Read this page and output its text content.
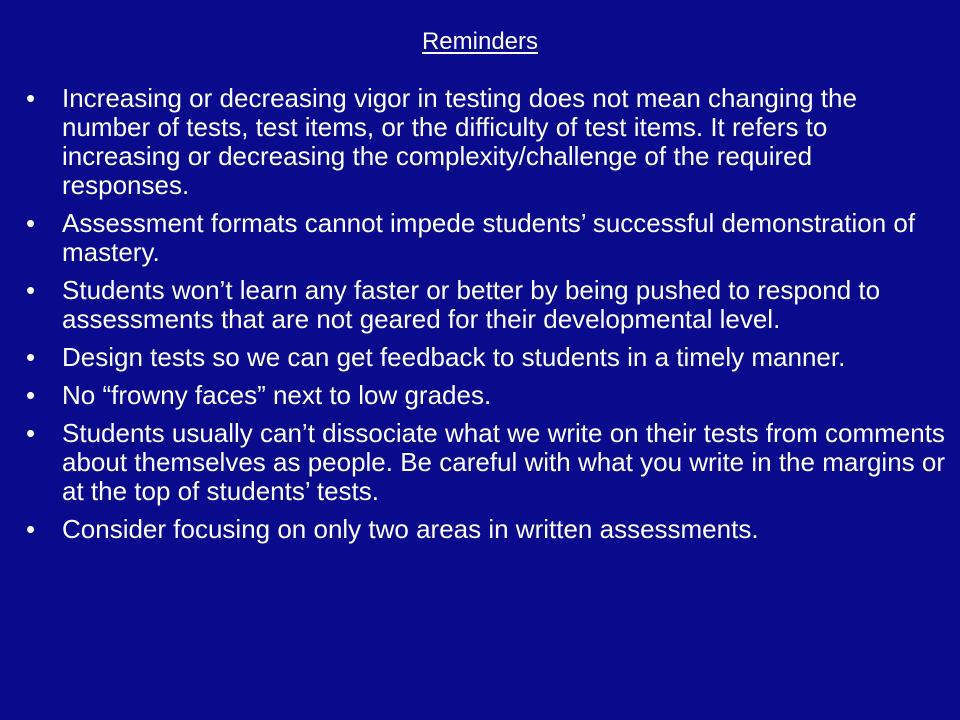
Reminders
•	Increasing or decreasing vigor in testing does not mean changing the number of tests, test items, or the difficulty of test items. It refers to increasing or decreasing the complexity/challenge of the required responses.
•	Assessment formats cannot impede students’ successful demonstration of mastery.
•	Students won’t learn any faster or better by being pushed to respond to assessments that are not geared for their developmental level.
•	Design tests so we can get feedback to students in a timely manner.
•	No “frowny faces” next to low grades.
•	Students usually can’t dissociate what we write on their tests from comments about themselves as people. Be careful with what you write in the margins or at the top of students’ tests.
•	Consider focusing on only two areas in written assessments.
